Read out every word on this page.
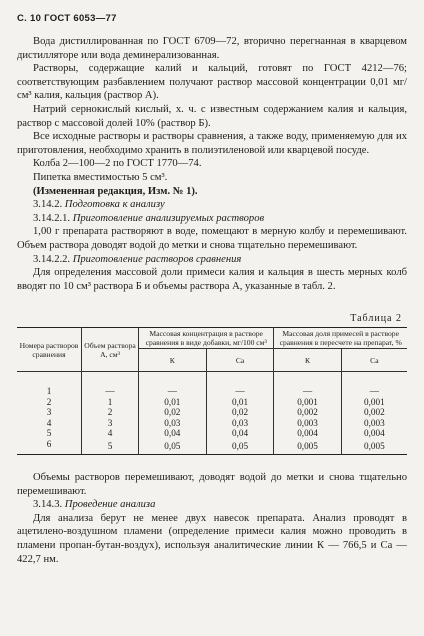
С. 10 ГОСТ 6053—77

Вода дистиллированная по ГОСТ 6709—72, вторично перегнанная в кварцевом дистилляторе или вода деминерализованная.

Растворы, содержащие калий и кальций, готовят по ГОСТ 4212—76; соответствующим разбавлением получают раствор массовой концентрации 0,01 мг/см³ калия, кальция (раствор А).

Натрий сернокислый кислый, х. ч. с известным содержанием калия и кальция, раствор с массовой долей 10% (раствор Б).

Все исходные растворы и растворы сравнения, а также воду, применяемую для их приготовления, необходимо хранить в полиэтиленовой или кварцевой посуде.

Колба 2—100—2 по ГОСТ 1770—74.

Пипетка вместимостью 5 см³.

(Измененная редакция, Изм. № 1).

3.14.2. Подготовка к анализу

3.14.2.1. Приготовление анализируемых растворов

1,00 г препарата растворяют в воде, помещают в мерную колбу и перемешивают. Объем раствора доводят водой до метки и снова тщательно перемешивают.

3.14.2.2. Приготовление растворов сравнения

Для определения массовой доли примеси калия и кальция в шесть мерных колб вводят по 10 см³ раствора Б и объемы раствора А, указанные в табл. 2.

Таблица 2
Номера растворов сравнения	Объем раствора А, см³	Массовая концентрация в растворе сравнения в виде добавки, мг/100 см³		Массовая доля примесей в растворе сравнения в пересчете на препарат, %	
		К	Са	К	Са

1	—	—	—	—	—
2	1	0,01	0,01	0,001	0,001
3	2	0,02	0,02	0,002	0,002
4	3	0,03	0,03	0,003	0,003
5	4	0,04	0,04	0,004	0,004
6	5	0,05	0,05	0,005	0,005

Объемы растворов перемешивают, доводят водой до метки и снова тщательно перемешивают.

3.14.3. Проведение анализа

Для анализа берут не менее двух навесок препарата. Анализ проводят в ацетилено-воздушном пламени (определение примеси калия можно проводить в пламени пропан-бутан-воздух), используя аналитические линии К — 766,5 и Са — 422,7 нм.
